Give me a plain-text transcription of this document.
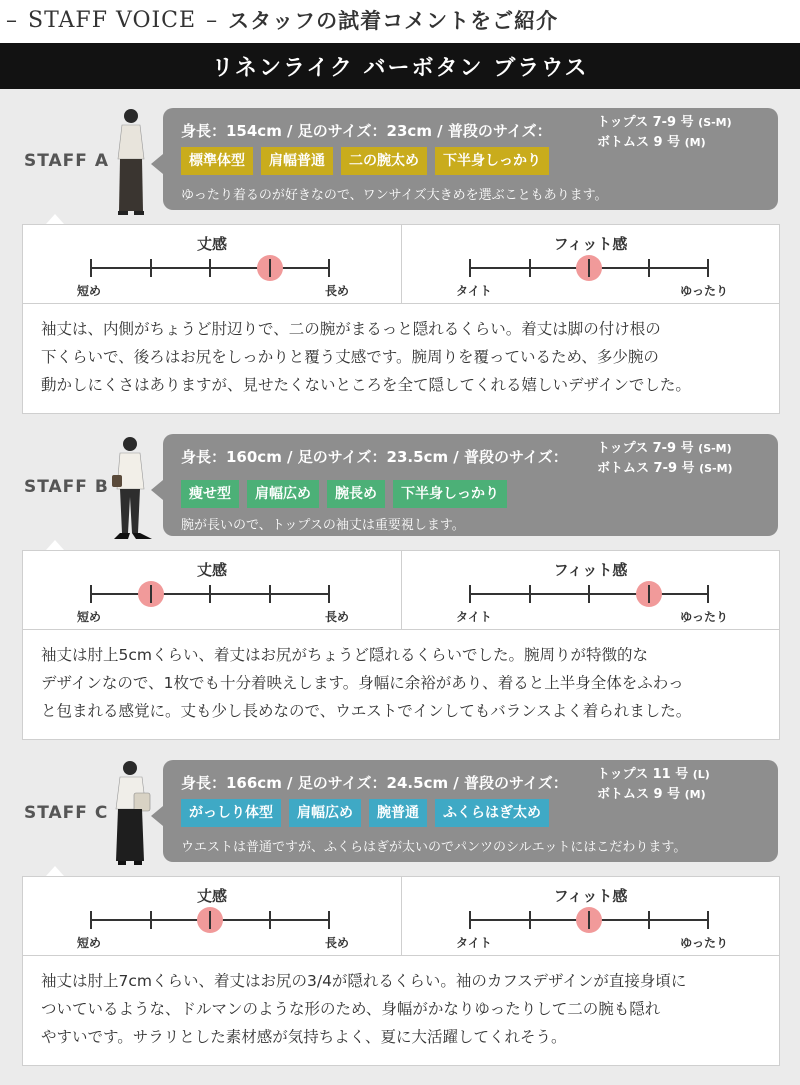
– STAFF VOICE – スタッフの試着コメントをご紹介
リネンライク バーボタン ブラウス
STAFF A
身長：154cm / 足のサイズ：23cm / 普段のサイズ：	トップス 7-9 号 (S-M)
ボトムス 9 号 (M)
標準体型	肩幅普通	二の腕太め	下半身しっかり
ゆったり着るのが好きなので、ワンサイズ大きめを選ぶこともあります。
丈感
短め	長め
フィット感
タイト	ゆったり
袖丈は、内側がちょうど肘辺りで、二の腕がまるっと隠れるくらい。着丈は脚の付け根の
下くらいで、後ろはお尻をしっかりと覆う丈感です。腕周りを覆っているため、多少腕の
動かしにくさはありますが、見せたくないところを全て隠してくれる嬉しいデザインでした。
STAFF B
身長：160cm / 足のサイズ：23.5cm / 普段のサイズ： トップス 7-9 号 (S-M)
ボトムス 7-9 号 (S-M)
痩せ型	肩幅広め	腕長め	下半身しっかり
腕が長いので、トップスの袖丈は重要視します。
丈感
短め	長め
フィット感
タイト	ゆったり
袖丈は肘上5cmくらい、着丈はお尻がちょうど隠れるくらいでした。腕周りが特徴的な
デザインなので、1枚でも十分着映えします。身幅に余裕があり、着ると上半身全体をふわっ
と包まれる感覚に。丈も少し長めなので、ウエストでインしてもバランスよく着られました。
STAFF C
身長：166cm / 足のサイズ：24.5cm / 普段のサイズ： トップス 11 号 (L)
ボトムス 9 号 (M)
がっしり体型	肩幅広め	腕普通	ふくらはぎ太め
ウエストは普通ですが、ふくらはぎが太いのでパンツのシルエットにはこだわります。
丈感
短め	長め
フィット感
タイト	ゆったり
袖丈は肘上7cmくらい、着丈はお尻の3/4が隠れるくらい。袖のカフスデザインが直接身頃に
ついているような、ドルマンのような形のため、身幅がかなりゆったりして二の腕も隠れ
やすいです。サラリとした素材感が気持ちよく、夏に大活躍してくれそう。
